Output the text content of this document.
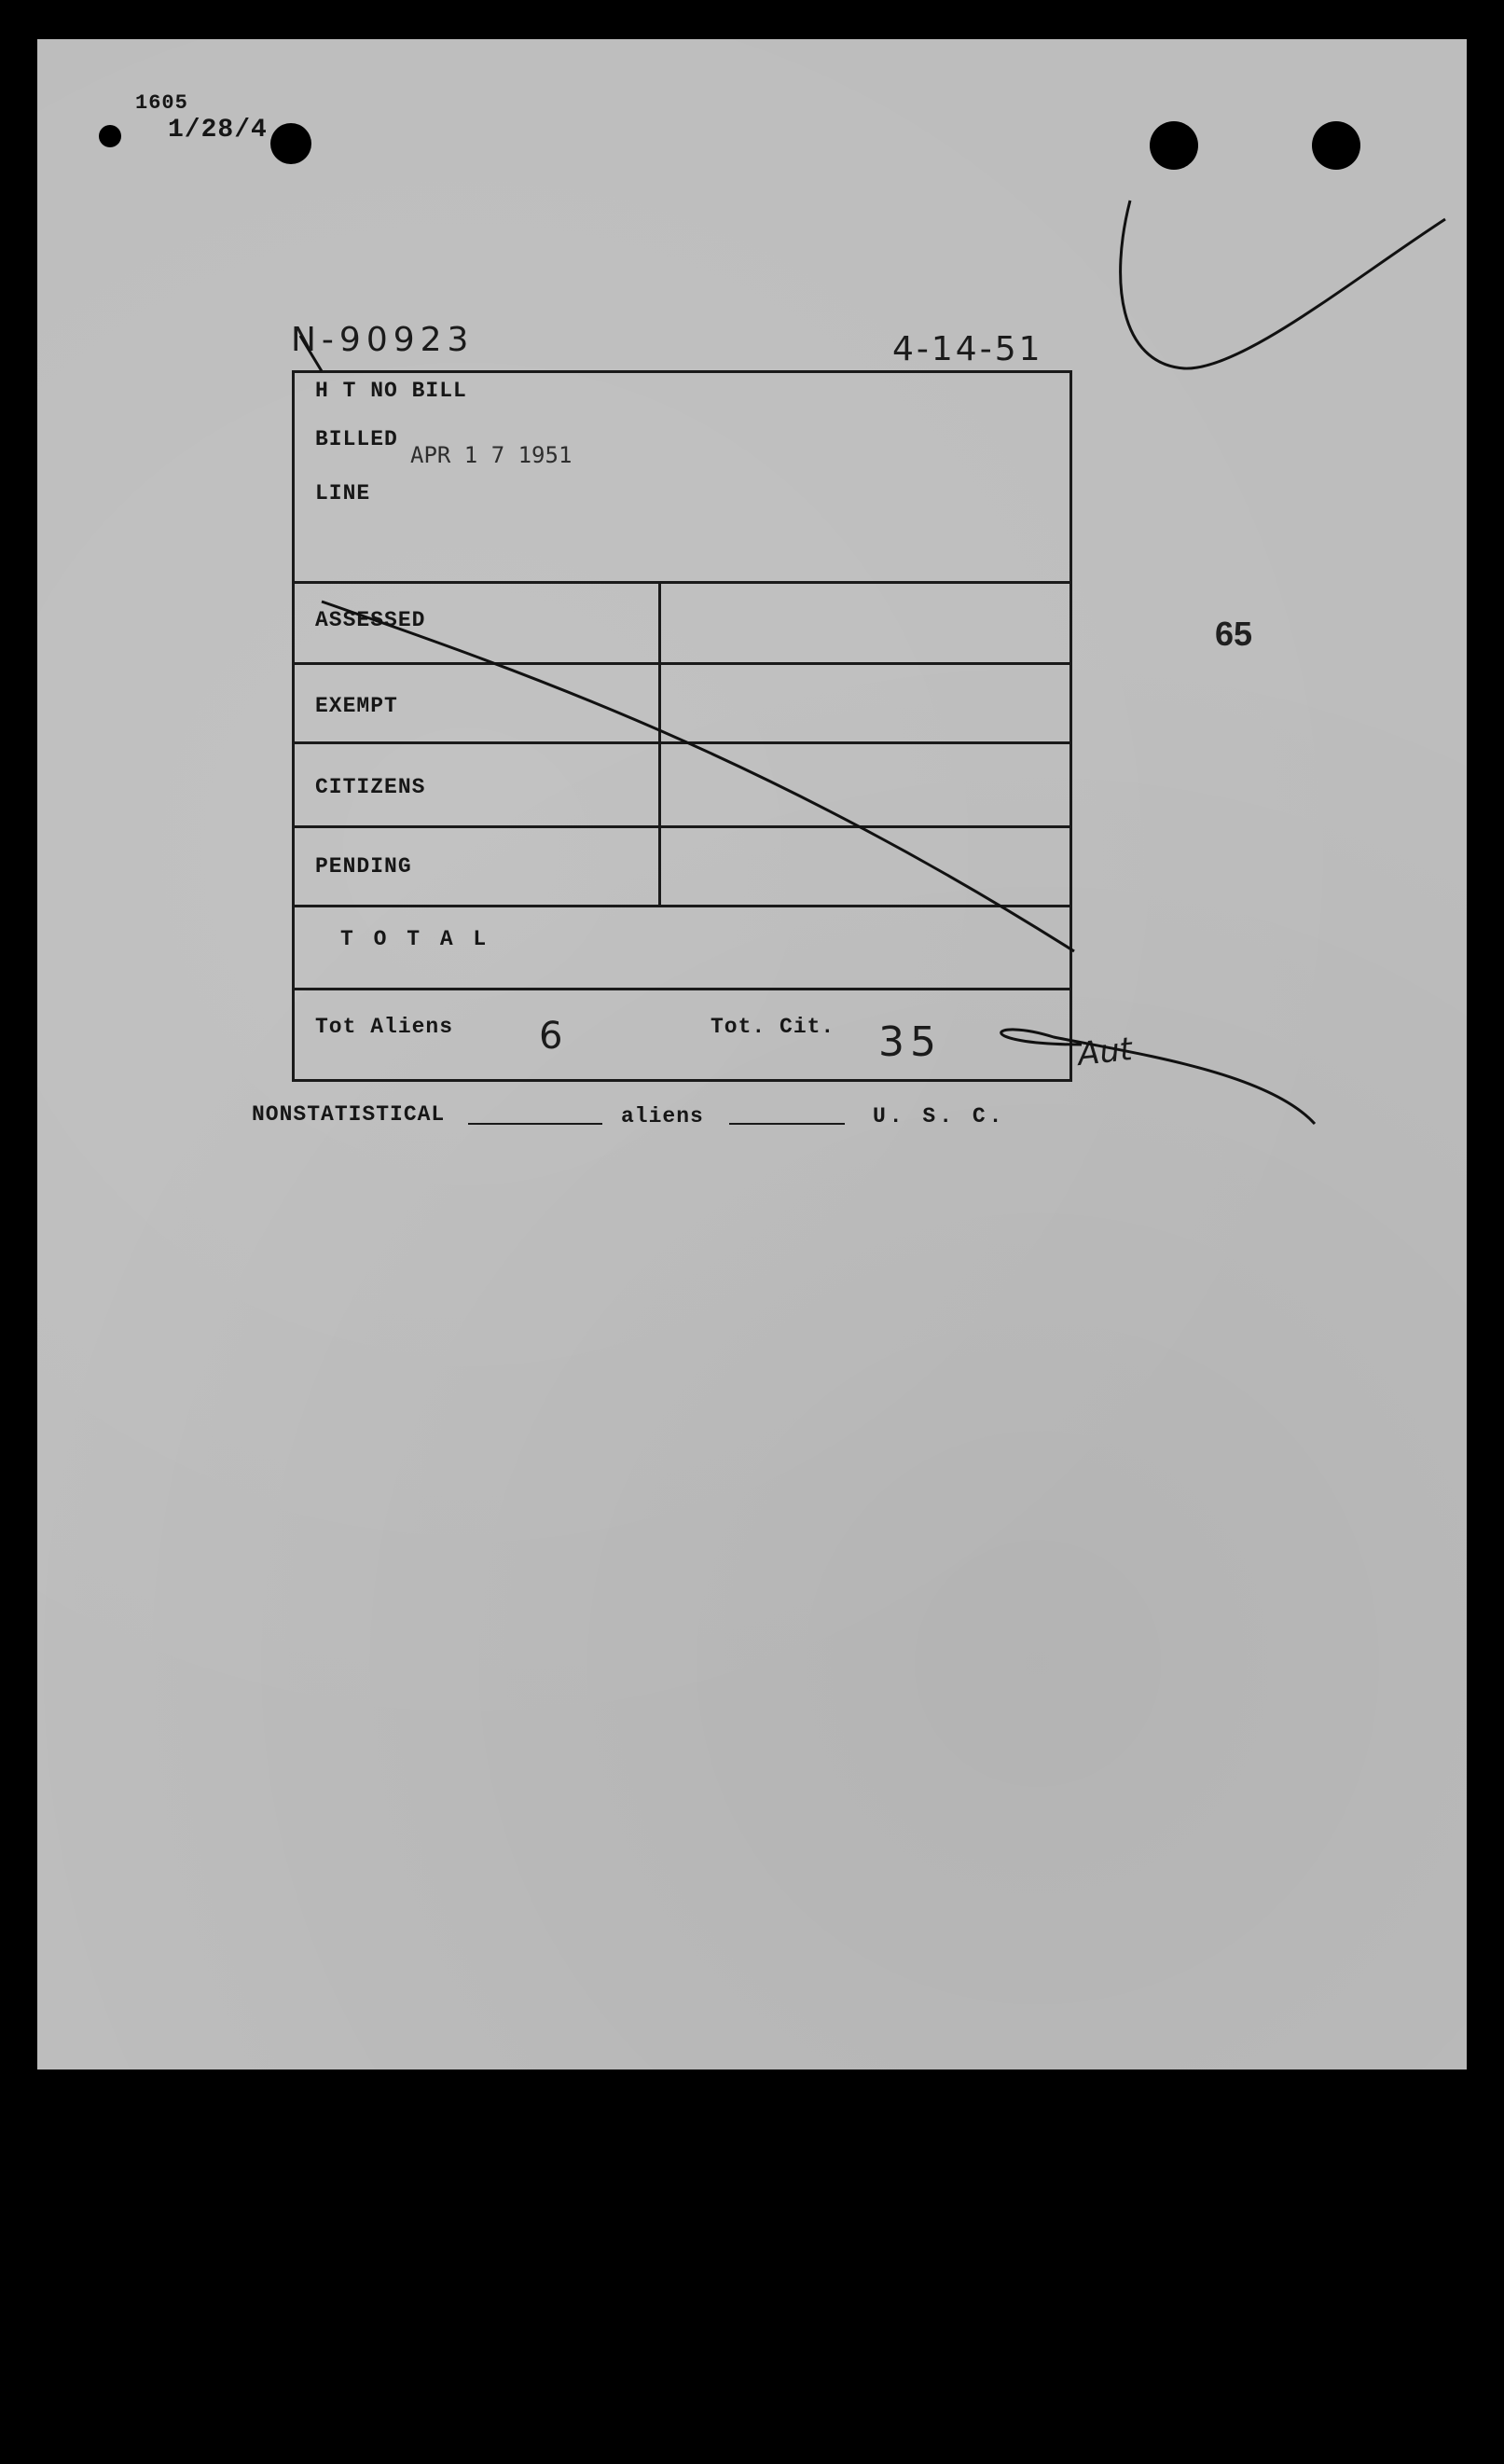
1605
1/28/4
N-90923	4-14-51
H T NO BILL
BILLED
APR 1 7 1951
LINE
ASSESSED
EXEMPT
CITIZENS
PENDING
T O T A L
Tot Aliens 6	Tot. Cit. 35	Aut
65
NONSTATISTICAL	aliens	U. S. C.
